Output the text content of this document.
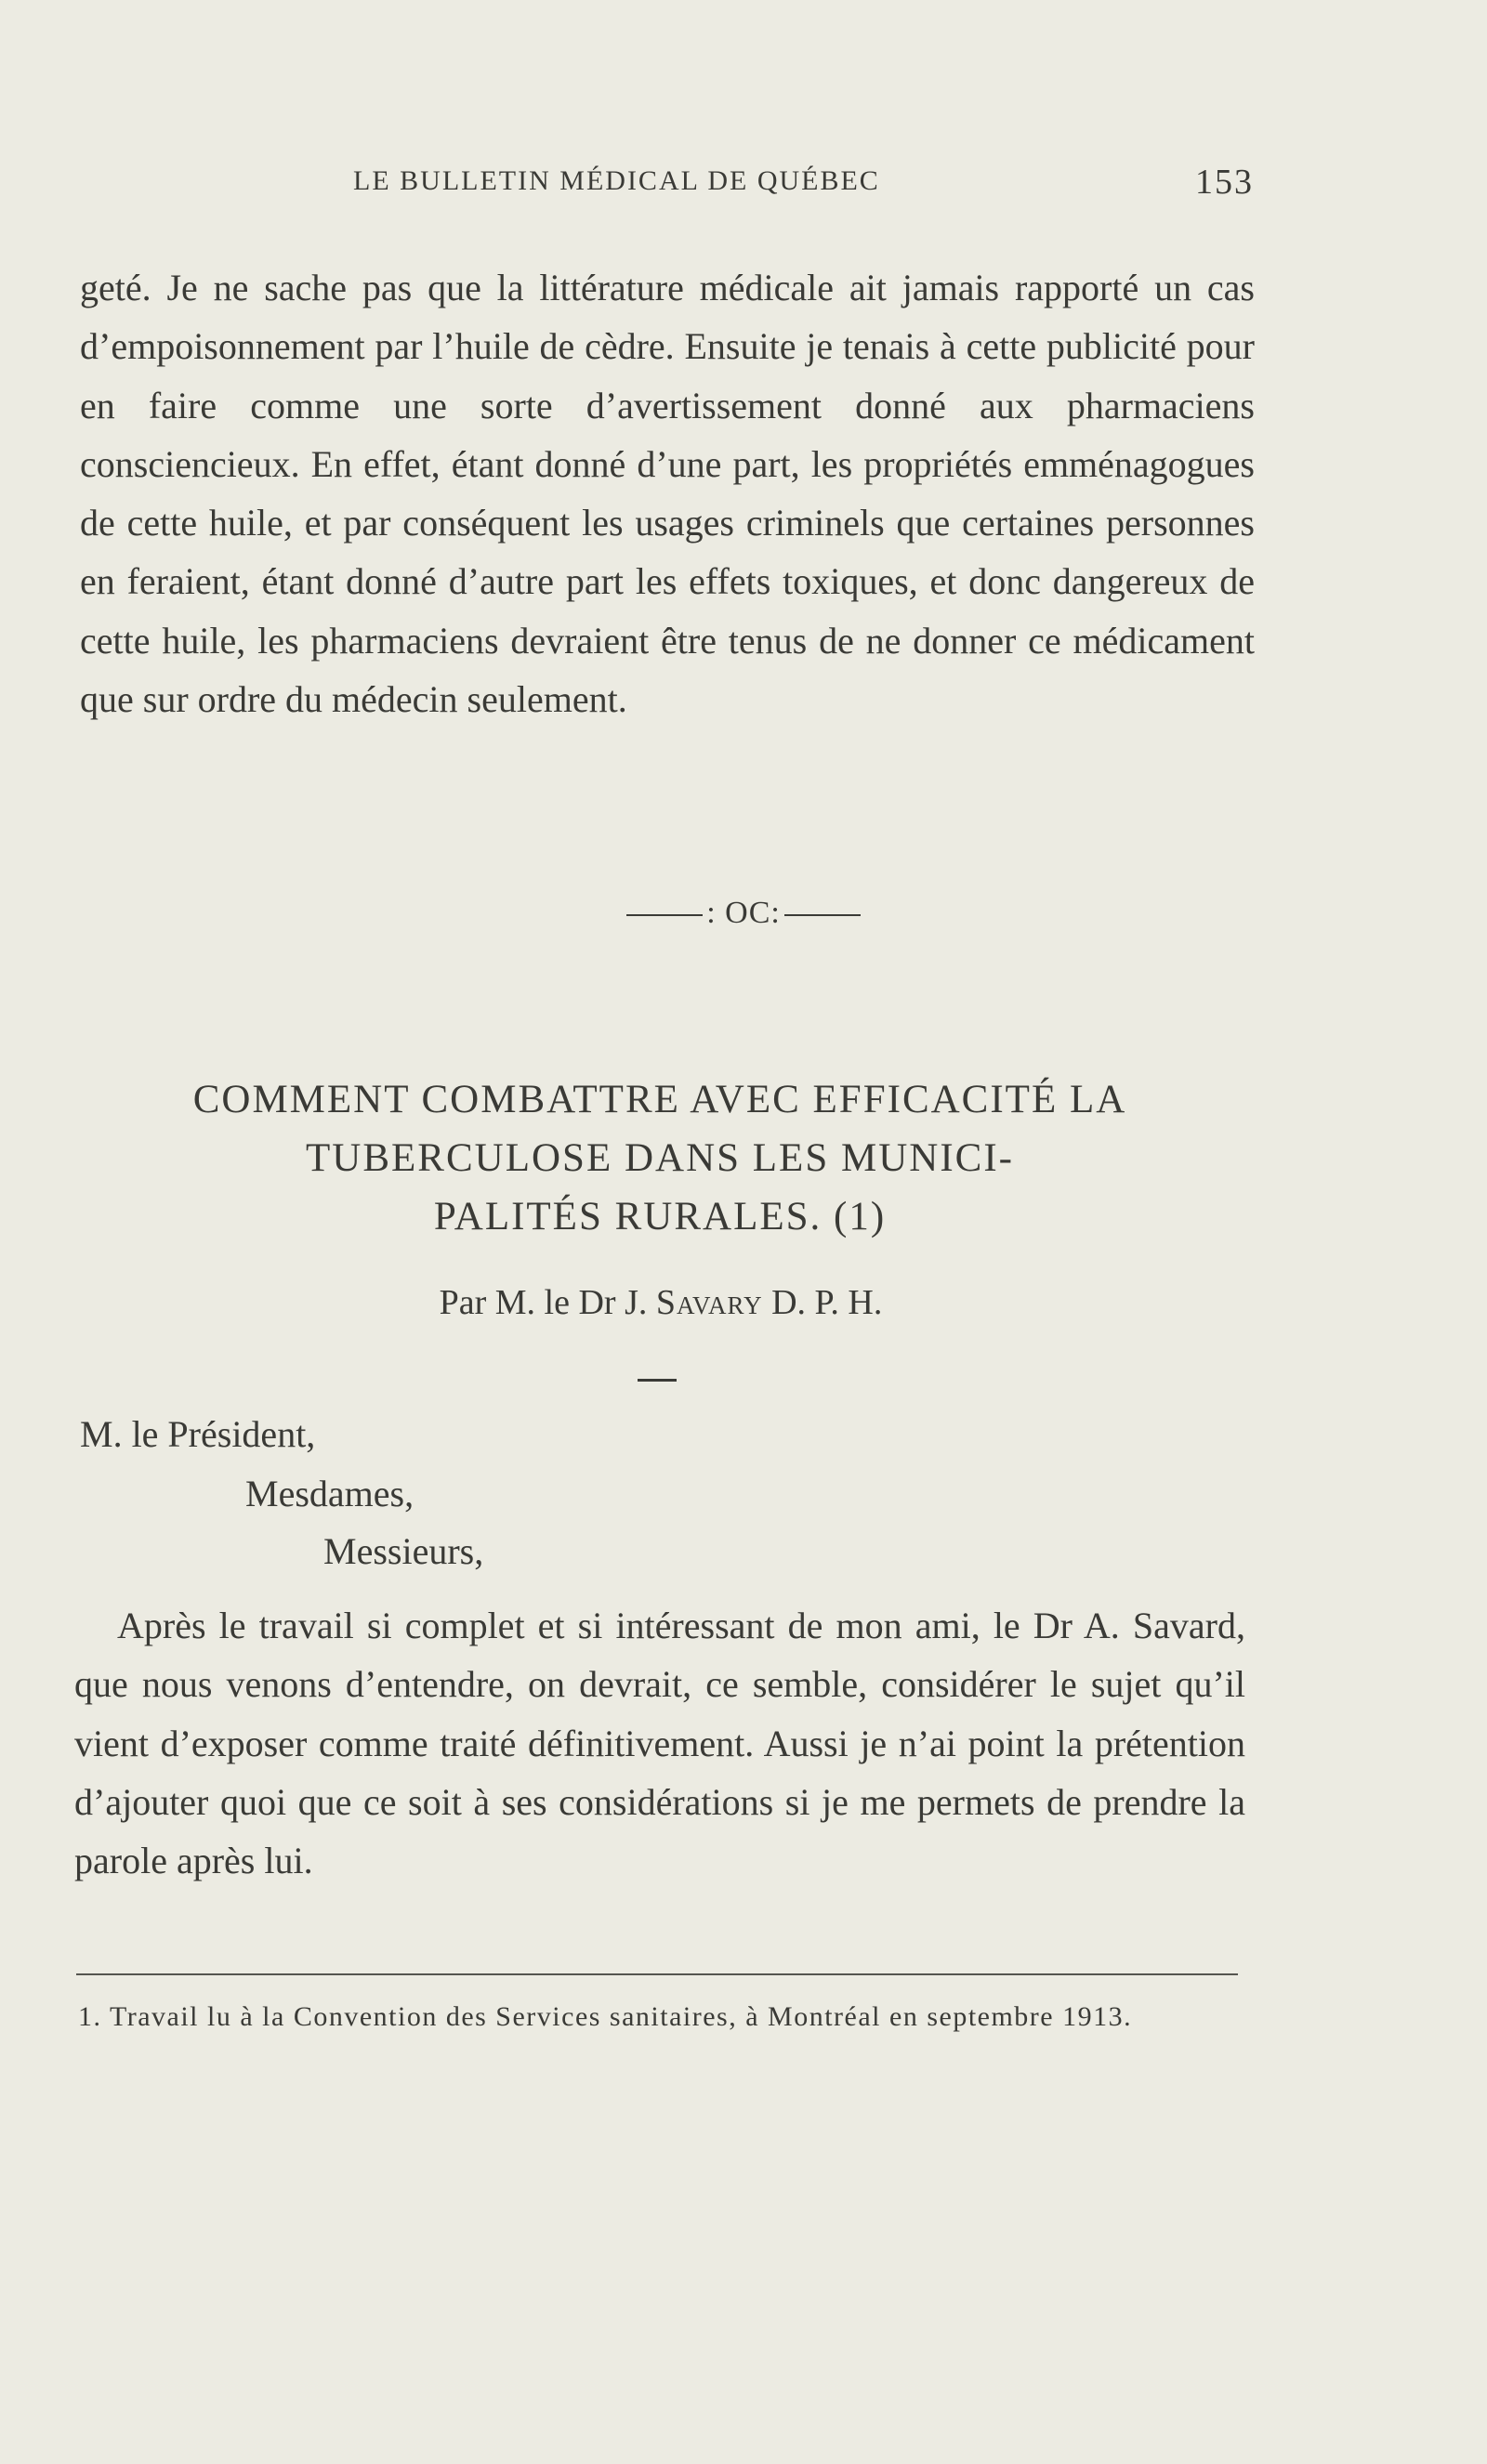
LE BULLETIN MÉDICAL DE QUÉBEC	153

geté. Je ne sache pas que la littérature médicale ait jamais rapporté un cas d’empoisonnement par l’huile de cèdre. Ensuite je tenais à cette publicité pour en faire comme une sorte d’avertissement donné aux pharmaciens consciencieux. En effet, étant donné d’une part, les propriétés emménagogues de cette huile, et par conséquent les usages criminels que certaines personnes en feraient, étant donné d’autre part les effets toxiques, et donc dangereux de cette huile, les pharmaciens devraient être tenus de ne donner ce médicament que sur ordre du médecin seulement.

: OC:
COMMENT COMBATTRE AVEC EFFICACITÉ LA
TUBERCULOSE DANS LES MUNICI-
PALITÉS RURALES. (1)
Par M. le Dr J. Savary D. P. H.
M. le Président,
Mesdames,
Messieurs,

Après le travail si complet et si intéressant de mon ami, le Dr A. Savard, que nous venons d’entendre, on devrait, ce semble, considérer le sujet qu’il vient d’exposer comme traité définitivement. Aussi je n’ai point la prétention d’ajouter quoi que ce soit à ses considérations si je me permets de prendre la parole après lui.

1. Travail lu à la Convention des Services sanitaires, à Montréal en septembre 1913.
